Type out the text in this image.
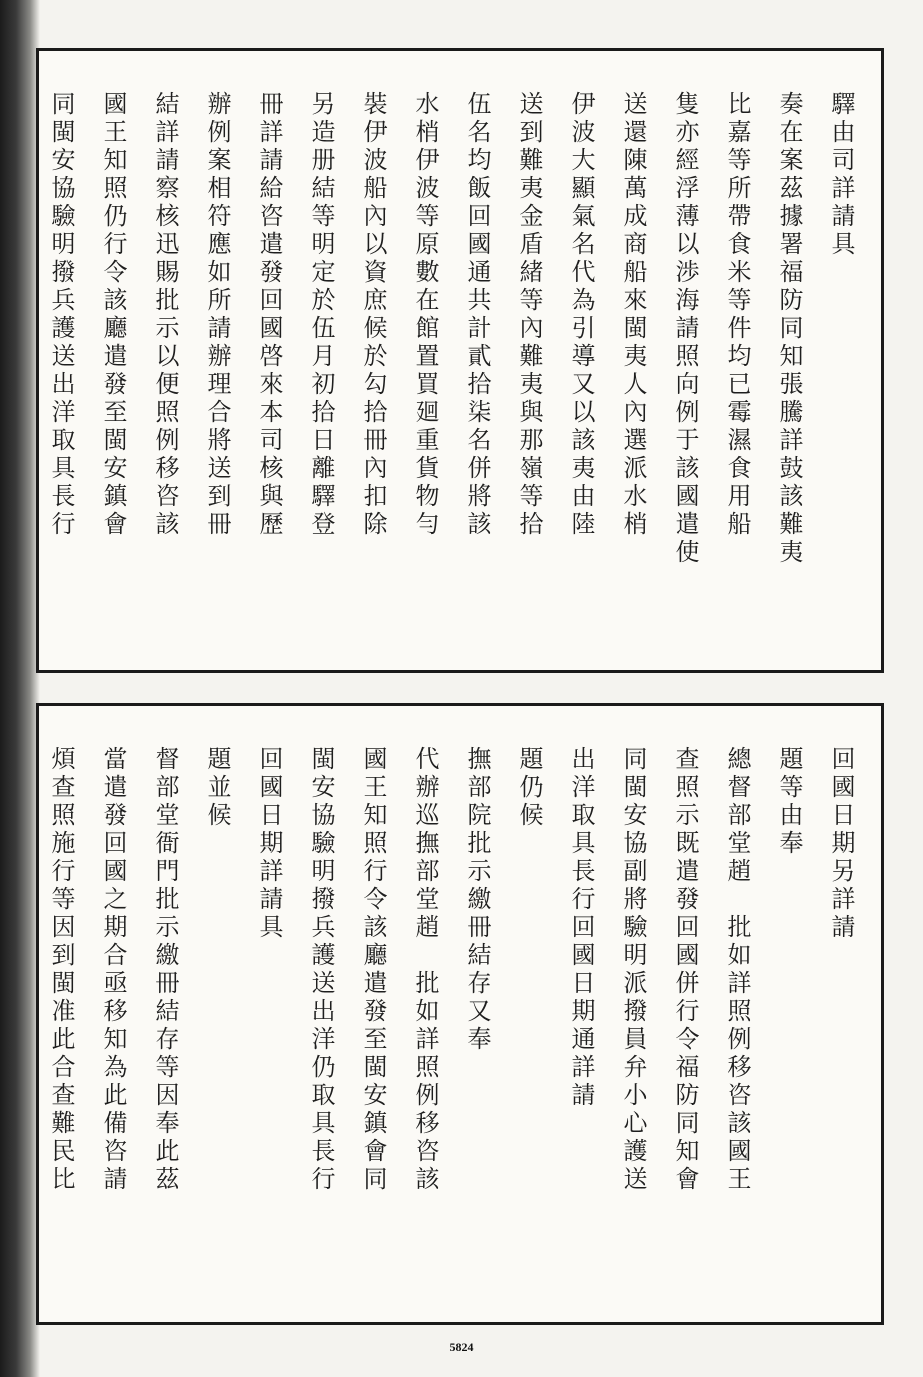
驛由司詳請具
奏在案茲據署福防同知張騰詳鼓該難夷
比嘉等所帶食米等件均已霉濕食用船
隻亦經浮薄以渉海請照向例于該國遣使
送還陳萬成商船來閩夷人內選派水梢
伊波大顯氣名代為引導又以該夷由陸
送到難夷金盾緒等內難夷與那嶺等拾
伍名均飯回國通共計貳拾柒名併將該
水梢伊波等原數在館置買廻重貨物勻
裝伊波船內以資庶候於勾拾冊內扣除
另造册結等明定於伍月初拾日離驛登
冊詳請給咨遣發回國啓來本司核與歷
辦例案相符應如所請辦理合將送到冊
結詳請察核迅賜批示以便照例移咨該
國王知照仍行令該廳遣發至閩安鎮會
同閩安協驗明撥兵護送出洋取具長行
回國日期另詳請
題等由奉
總督部堂趙　批如詳照例移咨該國王
查照示既遣發回國併行令福防同知會
同閩安協副將驗明派撥員弁小心護送
出洋取具長行回國日期通詳請
題仍候
撫部院批示繳冊結存又奉
代辦巡撫部堂趙　批如詳照例移咨該
國王知照行令該廳遣發至閩安鎮會同
閩安協驗明撥兵護送出洋仍取具長行
回國日期詳請具
題並候
督部堂衙門批示繳冊結存等因奉此茲
當遣發回國之期合亟移知為此備咨請
煩查照施行等因到閩准此合查難民比
5824
